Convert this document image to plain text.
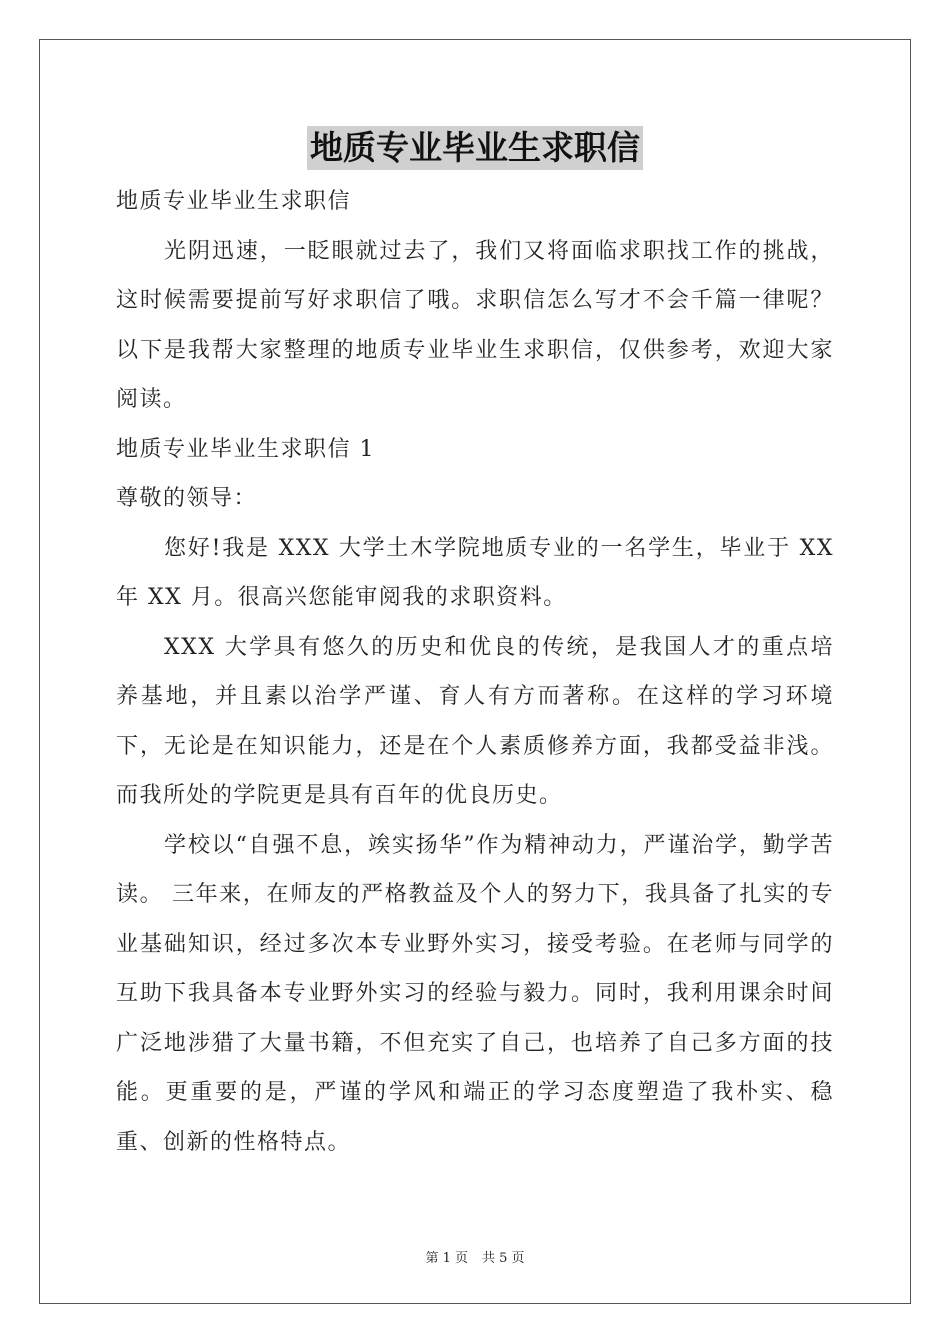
地质专业毕业生求职信

地质专业毕业生求职信

光阴迅速，一眨眼就过去了，我们又将面临求职找工作的挑战，这时候需要提前写好求职信了哦。求职信怎么写才不会千篇一律呢？以下是我帮大家整理的地质专业毕业生求职信，仅供参考，欢迎大家阅读。

地质专业毕业生求职信 1

尊敬的领导：

您好!我是 XXX 大学土木学院地质专业的一名学生，毕业于 XX 年 XX 月。很高兴您能审阅我的求职资料。

XXX 大学具有悠久的历史和优良的传统，是我国人才的重点培养基地，并且素以治学严谨、育人有方而著称。在这样的学习环境下，无论是在知识能力，还是在个人素质修养方面，我都受益非浅。而我所处的学院更是具有百年的优良历史。

学校以“自强不息，竢实扬华”作为精神动力，严谨治学，勤学苦读。 三年来，在师友的严格教益及个人的努力下，我具备了扎实的专业基础知识，经过多次本专业野外实习，接受考验。在老师与同学的互助下我具备本专业野外实习的经验与毅力。同时，我利用课余时间广泛地涉猎了大量书籍，不但充实了自己，也培养了自己多方面的技能。更重要的是，严谨的学风和端正的学习态度塑造了我朴实、稳重、创新的性格特点。

第 1 页 共 5 页
